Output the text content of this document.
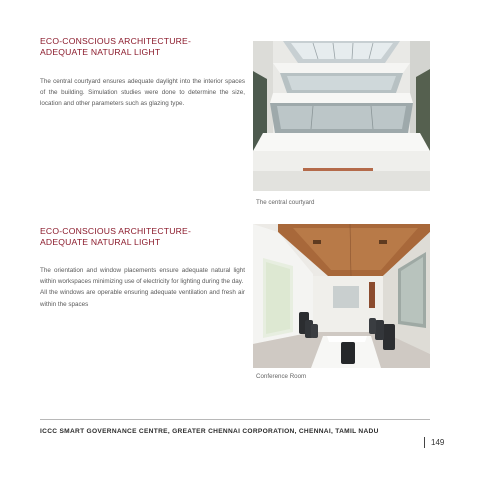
ECO-CONSCIOUS ARCHITECTURE-
ADEQUATE NATURAL LIGHT
The central courtyard ensures adequate daylight into the interior spaces of the building. Simulation studies were done to determine the size, location and other parameters such as glazing type.
The central courtyard
ECO-CONSCIOUS ARCHITECTURE-
ADEQUATE NATURAL LIGHT
The orientation and window placements ensure adequate natural light within workspaces minimizing use of electricity for lighting during the day.
All the windows are operable ensuring adequate ventilation and fresh air within the spaces
Conference Room
ICCC SMART GOVERNANCE CENTRE, GREATER CHENNAI CORPORATION, CHENNAI, TAMIL NADU
149
